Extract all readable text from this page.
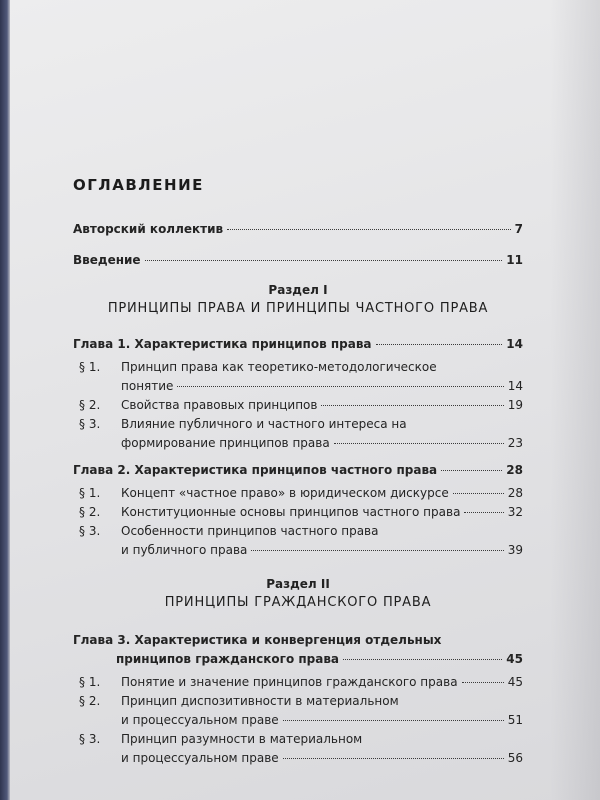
ОГЛАВЛЕНИЕ
Авторский коллектив	7
Введение	11
Раздел I
ПРИНЦИПЫ ПРАВА И ПРИНЦИПЫ ЧАСТНОГО ПРАВА
Глава 1. Характеристика принципов права	14
§ 1.	Принцип права как теоретико-методологическое
понятие	14
§ 2.	Свойства правовых принципов	19
§ 3.	Влияние публичного и частного интереса на
формирование принципов права	23
Глава 2. Характеристика принципов частного права	28
§ 1.	Концепт «частное право» в юридическом дискурсе	28
§ 2.	Конституционные основы принципов частного права	32
§ 3.	Особенности принципов частного права
и публичного права	39
Раздел II
ПРИНЦИПЫ ГРАЖДАНСКОГО ПРАВА
Глава 3. Характеристика и конвергенция отдельных
принципов гражданского права	45
§ 1.	Понятие и значение принципов гражданского права	45
§ 2.	Принцип диспозитивности в материальном
и процессуальном праве	51
§ 3.	Принцип разумности в материальном
и процессуальном праве	56
